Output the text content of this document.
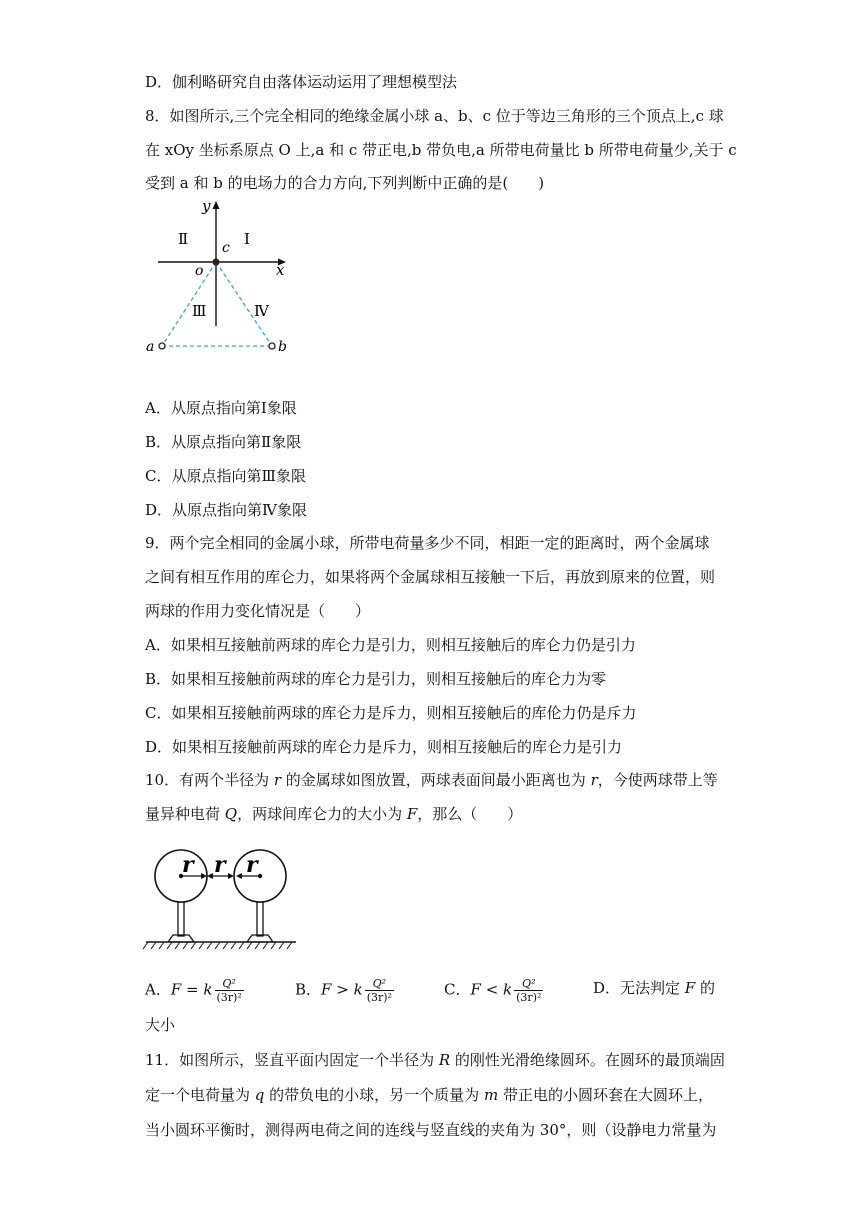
D．伽利略研究自由落体运动运用了理想模型法
8．如图所示,三个完全相同的绝缘金属小球 a、b、c 位于等边三角形的三个顶点上,c 球
在 xOy 坐标系原点 O 上,a 和 c 带正电,b 带负电,a 所带电荷量比 b 所带电荷量少,关于 c
受到 a 和 b 的电场力的合力方向,下列判断中正确的是(　　)
y
x
o
c
a	b
Ⅰ
Ⅱ
Ⅲ	Ⅳ
A．从原点指向第Ⅰ象限
B．从原点指向第Ⅱ象限
C．从原点指向第Ⅲ象限
D．从原点指向第Ⅳ象限
9．两个完全相同的金属小球，所带电荷量多少不同，相距一定的距离时，两个金属球
之间有相互作用的库仑力，如果将两个金属球相互接触一下后，再放到原来的位置，则
两球的作用力变化情况是（　　）
A．如果相互接触前两球的库仑力是引力，则相互接触后的库仑力仍是引力
B．如果相互接触前两球的库仑力是引力，则相互接触后的库仑力为零
C．如果相互接触前两球的库仑力是斥力，则相互接触后的库伦力仍是斥力
D．如果相互接触前两球的库仑力是斥力，则相互接触后的库仑力是引力
10．有两个半径为 r 的金属球如图放置，两球表面间最小距离也为 r，今使两球带上等
量异种电荷 Q，两球间库仑力的大小为 F，那么（　　）
r r r
A．F = k $\frac{\text{Q²}}{\text{(3r)²}}$	B．F > k $\frac{\text{Q²}}{\text{(3r)²}}$	C．F < k $\frac{\text{Q²}}{\text{(3r)²}}$	D．无法判定 F 的
大小
11．如图所示，竖直平面内固定一个半径为 R 的刚性光滑绝缘圆环。在圆环的最顶端固
定一个电荷量为 q 的带负电的小球，另一个质量为 m 带正电的小圆环套在大圆环上，
当小圆环平衡时，测得两电荷之间的连线与竖直线的夹角为 30°，则（设静电力常量为
